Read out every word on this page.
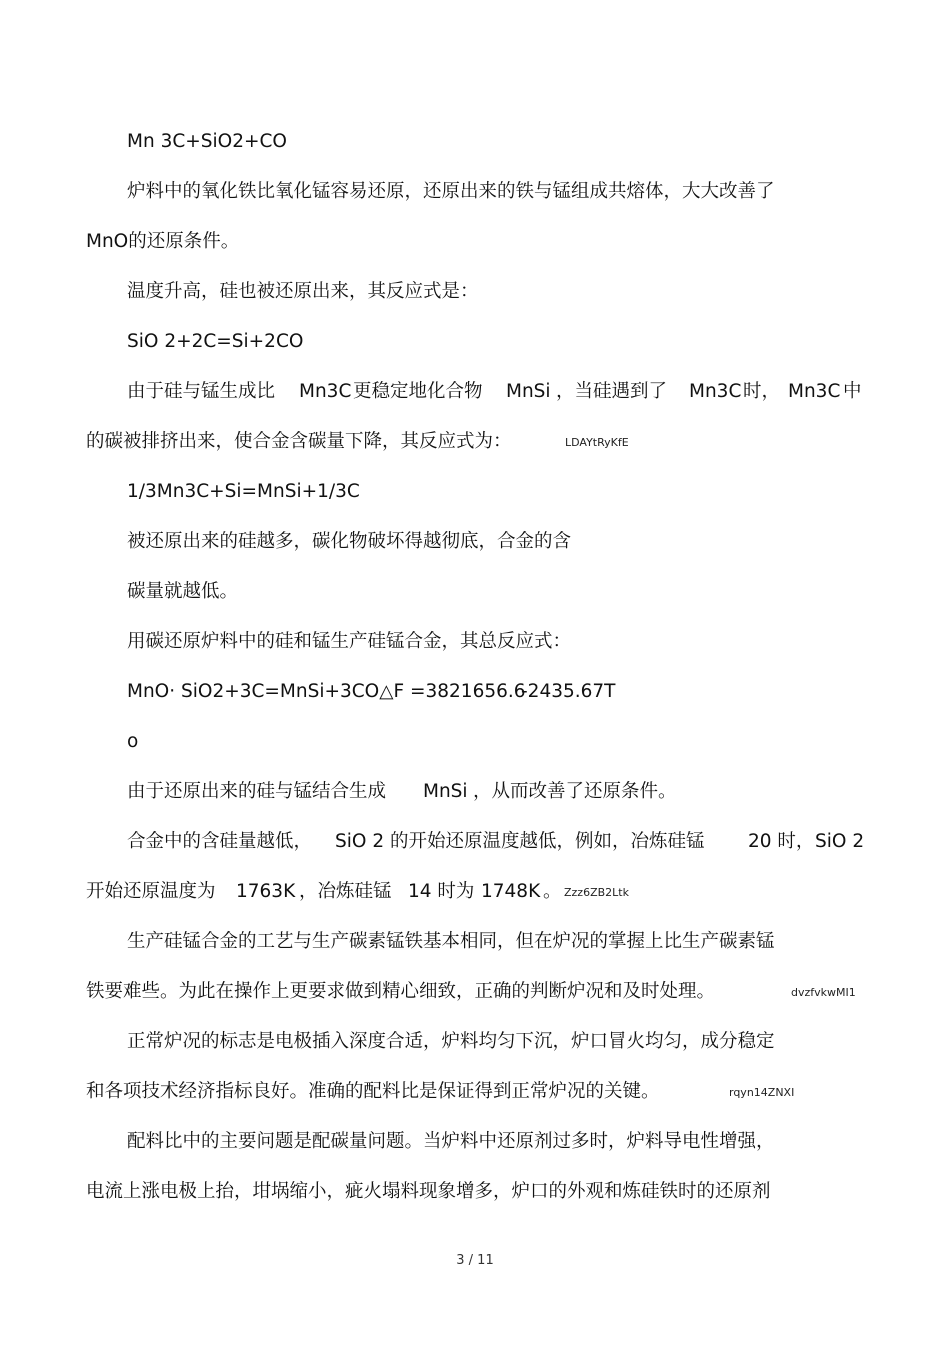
Mn 3C+SiO2+CO
炉料中的氧化铁比氧化锰容易还原，还原出来的铁与锰组成共熔体，大大改善了
MnO的还原条件。
温度升高，硅也被还原出来，其反应式是：
SiO 2+2C=Si+2CO
由于硅与锰生成比 Mn3C 更稳定地化合物 MnSi ，当硅遇到了 Mn3C 时， Mn3C 中
的碳被排挤出来，使合金含碳量下降，其反应式为：	LDAYtRyKfE
1/3Mn3C+Si=MnSi+1/3C
被还原出来的硅越多，碳化物破坏得越彻底，合金的含
碳量就越低。
用碳还原炉料中的硅和锰生产硅锰合金，其总反应式：
MnO· SiO2+3C=MnSi+3CO△F =3821656.6
-2435.67T
o
由于还原出来的硅与锰结合生成 MnSi ，从而改善了还原条件。
合金中的含硅量越低， SiO 2 的开始还原温度越低，例如，冶炼硅锰 20 时， SiO 2
开始还原温度为 1763K ，冶炼硅锰 14 时为 1748K 。 Zzz6ZB2Ltk
生产硅锰合金的工艺与生产碳素锰铁基本相同，但在炉况的掌握上比生产碳素锰
铁要难些。为此在操作上更要求做到精心细致，正确的判断炉况和及时处理。	dvzfvkwMI1
正常炉况的标志是电极插入深度合适，炉料均匀下沉，炉口冒火均匀，成分稳定
和各项技术经济指标良好。准确的配料比是保证得到正常炉况的关键。	rqyn14ZNXI
配料比中的主要问题是配碳量问题。当炉料中还原剂过多时，炉料导电性增强，
电流上涨电极上抬，坩埚缩小，疵火塌料现象增多，炉口的外观和炼硅铁时的还原剂
3 / 11
